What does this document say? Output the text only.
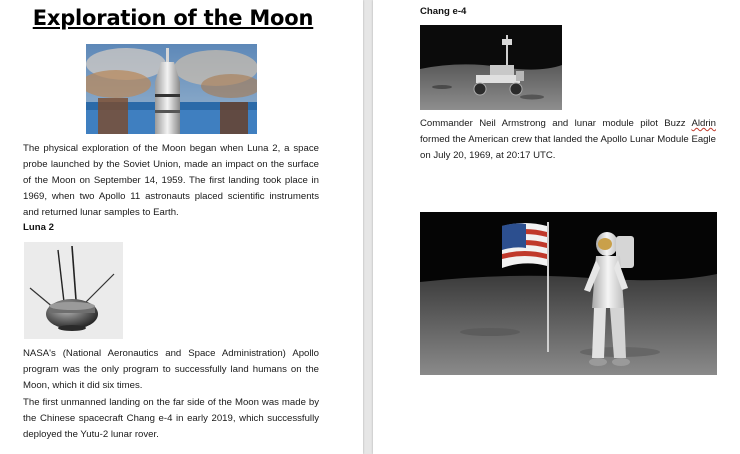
Exploration of the Moon

The physical exploration of the Moon began when Luna 2, a space probe launched by the Soviet Union, made an impact on the surface of the Moon on September 14, 1959. The first landing took place in 1969, when two Apollo 11 astronauts placed scientific instruments and returned lunar samples to Earth.

Luna 2

NASA's (National Aeronautics and Space Administration) Apollo program was the only program to successfully land humans on the Moon, which it did six times.

The first unmanned landing on the far side of the Moon was made by the Chinese spacecraft Chang e-4 in early 2019, which successfully deployed the Yutu-2 lunar rover.

Chang e-4

Commander Neil Armstrong and lunar module pilot Buzz Aldrin formed the American crew that landed the Apollo Lunar Module Eagle on July 20, 1969, at 20:17 UTC.
